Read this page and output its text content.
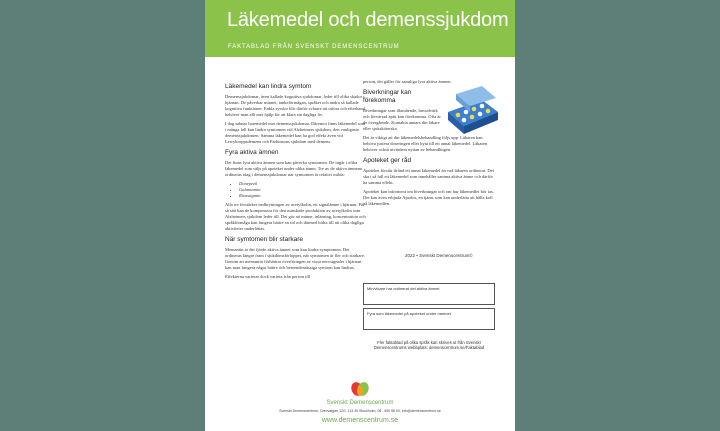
Läkemedel och demenssjukdom
FAKTABLAD FRÅN SVENSKT DEMENSCENTRUM
Läkemedel kan lindra symtom

Demenssjukdomar, även kallade kognitiva sjukdomar, leder till olika skador i hjärnan. De påverkar minnet, tankeförmågan, språket och andra så kallade kognitiva funktioner. Enkla sysslor blir därför svårare att utföra och efterhand behöver man allt mer hjälp för att klara sin dagliga liv.

I dag saknas botemedel mot demenssjukdomar. Däremot finns läkemedel som i många fall kan lindra symtomen vid Alzheimers sjukdom, den vanligaste demenssjukdomen. Samma läkemedel kan ha god effekt även vid Lewykroppsdemens och Parkinsons sjukdom med demens.

Fyra aktiva ämnen

Det finns fyra aktiva ämnen som kan påverka symtomen. De ingår i olika läkemedel som säljs på apoteket under olika namn. Tre av de aktiva ämnena ordineras idag i demenssjukdomar när symtomen är relativt milda:

• Donepezil
• Galantamin
• Rivastigmin

Alla tre förstärker nedbrytningen av acetylkolin, ett signalämne i hjärnan. På så sätt kan de kompensera för den minskade produktion av acetylkolin som Alzheimers sjukdom leder till. Det gör att minne, inlärning, koncentration och språkförmåga kan fungera bättre en tid och därmed bidra till att olika dagliga aktiviteter underlättas.

När symtomen blir starkare

Memantin är det fjärde aktiva ämnet som kan lindra symptomen. Det ordineras längre fram i sjukdomsförloppet, när symtomen är fler och starkare. Genom att memantin förhättrar överföringen av vissa nervsignaler i hjärnan kan man fungera något bättre och beteendemässiga symtom kan lindras.

Effekterna varierar dock variera från person till

person, det gäller för samtliga fyra aktiva ämnen.

Biverkningar kan förekomma

Biverkningar som illamående, huvudvärk och förvärrad aptit kan förekomma. Ofta är de övergående. Kontakta annars din läkare eller sjuksköterska.

Det är viktigt att din läkemedelsbehandling följs upp. Läkaren kan behöva justera doseringen eller byta till ett annat läkemedel. Läkaren behöver också utvärdera nyttan av behandlingen.

Apoteket ger råd

Apoteket förstår ifrånd ett annat läkemedel än vad läkaren ordinerat. Det ska i så fall ett läkemedel som innehåller samma aktiva ämne och därför ha samma effekt.

Apoteket kan informera om biverkningar och om hur läkemedlet bör tas. Det kan även erbjuda Apodos, en tjänst som kan underlätta att hålla koll på läkemedlen.

2022 • Svenskt Demenscentrum©
Min/vikare har ordinerat det aktiva ämnet
Fyra som läkemedel på apoteket under namnet
Fler faktablad på olika språk kan skrives ut från Svenskt Demenscentrums webbplats: demenscentrum.se/Faktablad
Svenskt Demenscentrum
Svenskt Demenscentrum, Drevvatgan 12G, 113 40 Stockholm, 08 - 690 58 00, info@demenscentrum.se
www.demenscentrum.se
